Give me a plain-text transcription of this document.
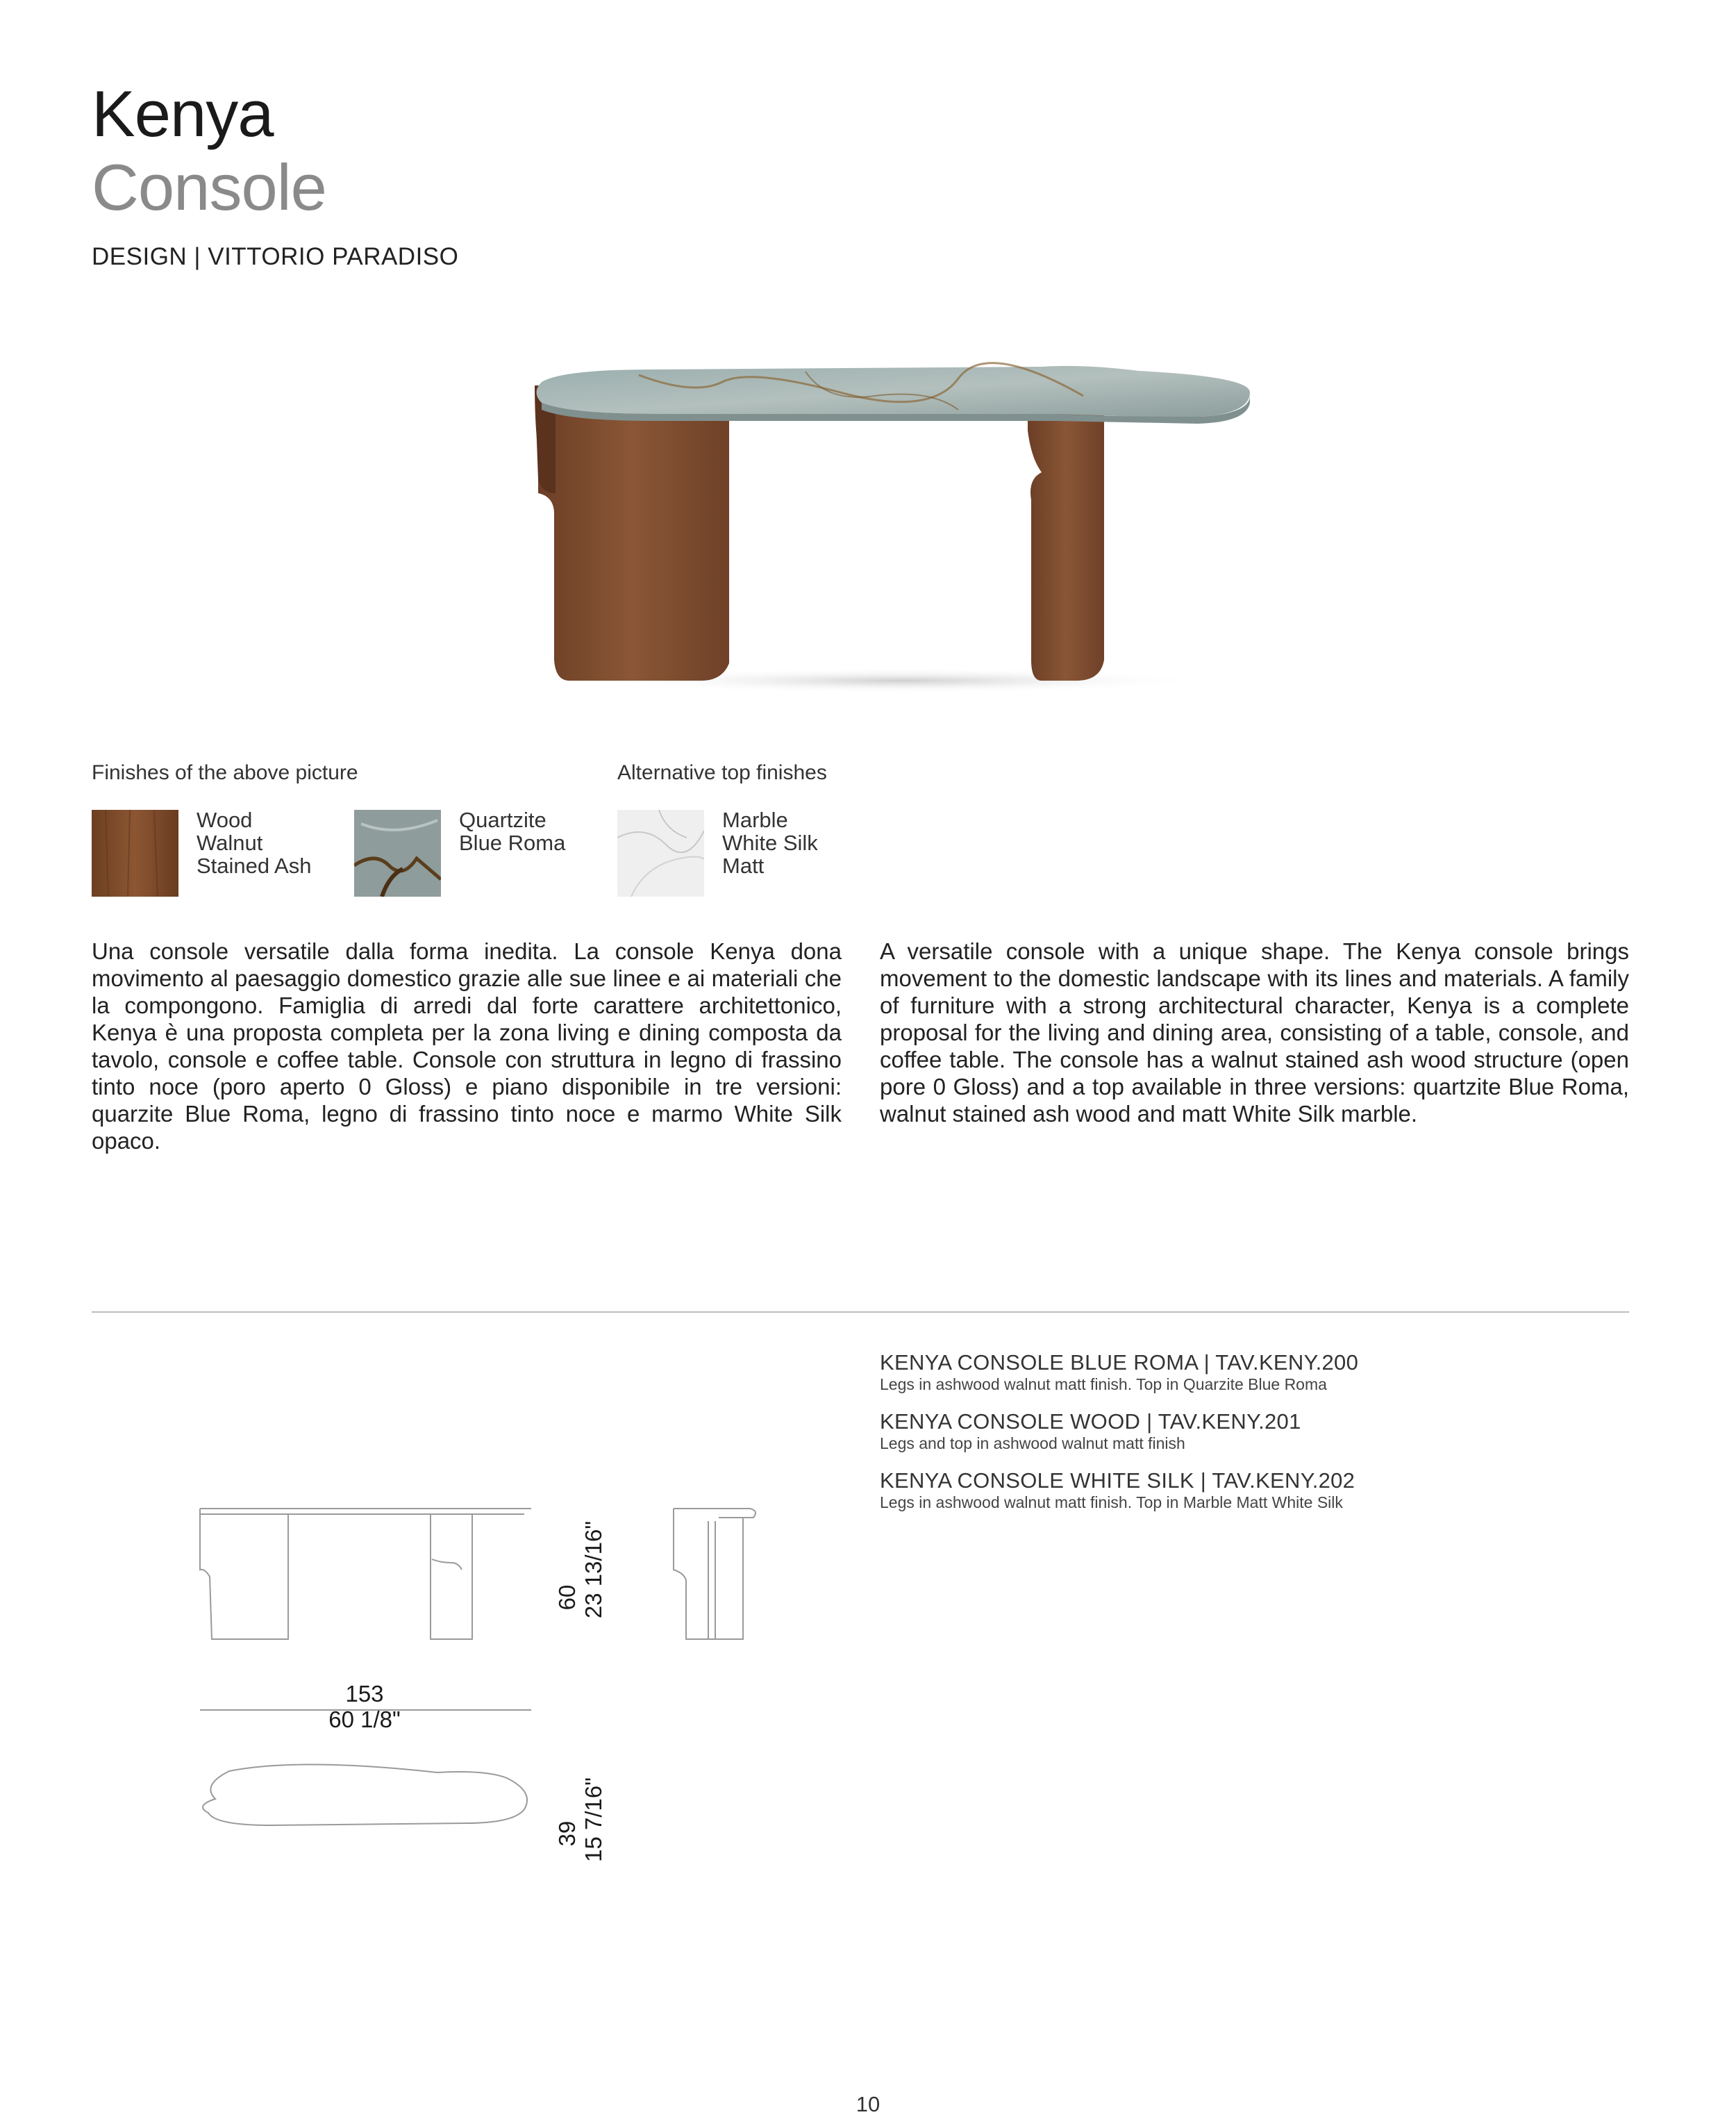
Kenya
Console
DESIGN | VITTORIO PARADISO
Finishes of the above picture	Alternative top finishes
Wood
Walnut
Stained Ash
Quartzite
Blue Roma
Marble
White Silk
Matt
Una console versatile dalla forma inedita. La console Kenya dona movimento al paesaggio domestico grazie alle sue linee e ai materiali che la compongono. Famiglia di arredi dal forte carattere architettonico, Kenya è una proposta completa per la zona living e dining composta da tavolo, console e coffee table. Console con struttura in legno di frassino tinto noce (poro aperto 0 Gloss) e piano disponibile in tre versioni: quarzite Blue Roma, legno di frassino tinto noce e marmo White Silk opaco.
A versatile console with a unique shape. The Kenya console brings movement to the domestic landscape with its lines and materials. A family of furniture with a strong architectural character, Kenya is a complete proposal for the living and dining area, consisting of a table, console, and coffee table. The console has a walnut stained ash wood structure (open pore 0 Gloss) and a top available in three versions: quartzite Blue Roma, walnut stained ash wood and matt White Silk marble.
KENYA CONSOLE BLUE ROMA | TAV.KENY.200
Legs in ashwood walnut matt finish. Top in Quarzite Blue Roma
KENYA CONSOLE WOOD | TAV.KENY.201
Legs and top in ashwood walnut matt finish
KENYA CONSOLE WHITE SILK | TAV.KENY.202
Legs in ashwood walnut matt finish. Top in Marble Matt White Silk
153
60 1/8"
60 23 13/16"
39 15 7/16"
10
